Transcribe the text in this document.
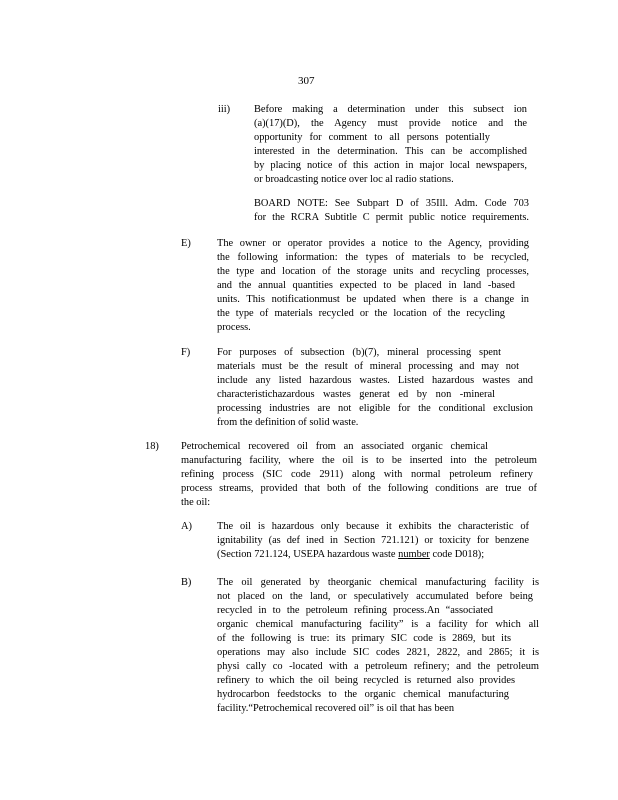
307
iii) Before making a determination under this subsect ion
(a)(17)(D), the Agency must provide notice and the
opportunity for comment to all persons potentially
interested in the determination. This can be accomplished
by placing notice of this action in major local newspapers,
or broadcasting notice over loc al radio stations.
BOARD NOTE: See Subpart D of 35Ill. Adm. Code 703
for the RCRA Subtitle C permit public notice requirements.
E)	The owner or operator provides a notice to the Agency, providing
the following information: the types of materials to be recycled,
the type and location of the storage units and recycling processes,
and the annual quantities expected to be placed in land -based
units. This notificationmust be updated when there is a change in
the type of materials recycled or the location of the recycling
process.
F)	For purposes of subsection (b)(7), mineral processing spent
materials must be the result of mineral processing and may not
include any listed hazardous wastes. Listed hazardous wastes and
characteristichazardous wastes generat ed by non -mineral
processing industries are not eligible for the conditional exclusion
from the definition of solid waste.
18) Petrochemical recovered oil from an associated organic chemical
manufacturing facility, where the oil is to be inserted into the petroleum
refining process (SIC code 2911) along with normal petroleum refinery
process streams, provided that both of the following conditions are true of
the oil:
A) The oil is hazardous only because it exhibits the characteristic of
ignitability (as def ined in Section 721.121) or toxicity for benzene
(Section 721.124, USEPA hazardous waste number code D018);
B) The oil generated by theorganic chemical manufacturing facility is
not placed on the land, or speculatively accumulated before being
recycled in to the petroleum refining process.An “associated
organic chemical manufacturing facility” is a facility for which all
of the following is true: its primary SIC code is 2869, but its
operations may also include SIC codes 2821, 2822, and 2865; it is
physi cally co -located with a petroleum refinery; and the petroleum
refinery to which the oil being recycled is returned also provides
hydrocarbon feedstocks to the organic chemical manufacturing
facility.“Petrochemical recovered oil” is oil that has been
